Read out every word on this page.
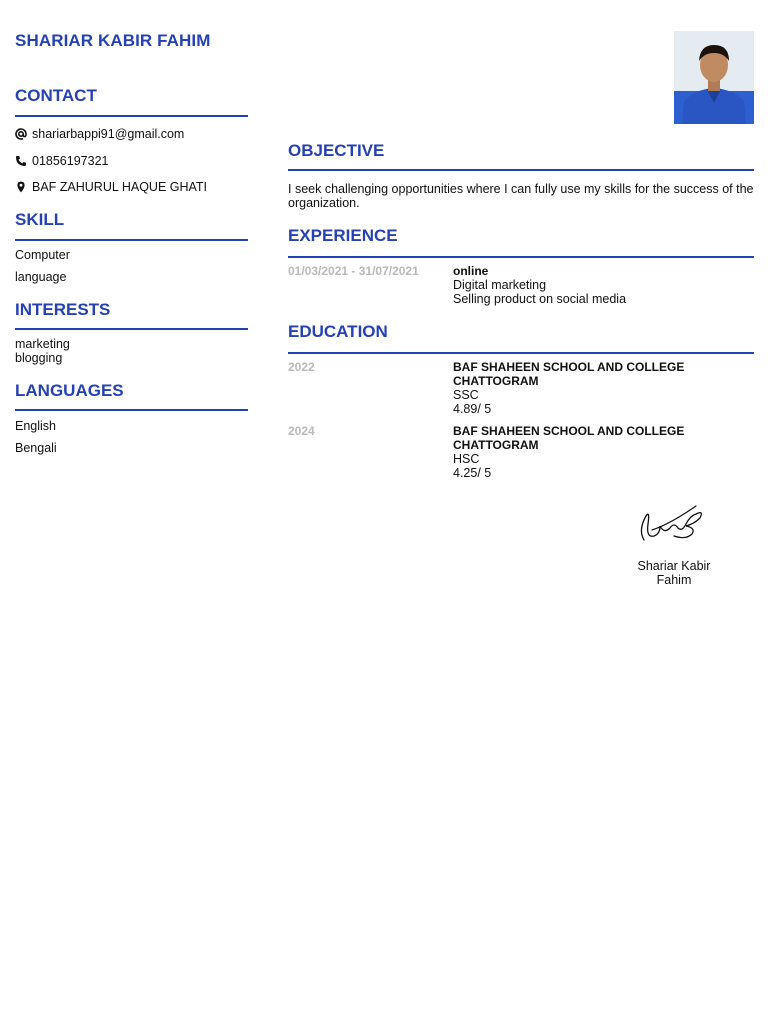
SHARIAR KABIR FAHIM
CONTACT
shariarbappi91@gmail.com
01856197321
BAF ZAHURUL HAQUE GHATI
SKILL
Computer
language
INTERESTS
marketing
blogging
LANGUAGES
English
Bengali
OBJECTIVE
I seek challenging opportunities where I can fully use my skills for the success of the organization.
EXPERIENCE
01/03/2021 - 31/07/2021	online
Digital marketing
Selling product on social media
EDUCATION
2022	BAF SHAHEEN SCHOOL AND COLLEGE CHATTOGRAM
SSC
4.89/ 5
2024	BAF SHAHEEN SCHOOL AND COLLEGE CHATTOGRAM
HSC
4.25/ 5
Shariar Kabir Fahim
